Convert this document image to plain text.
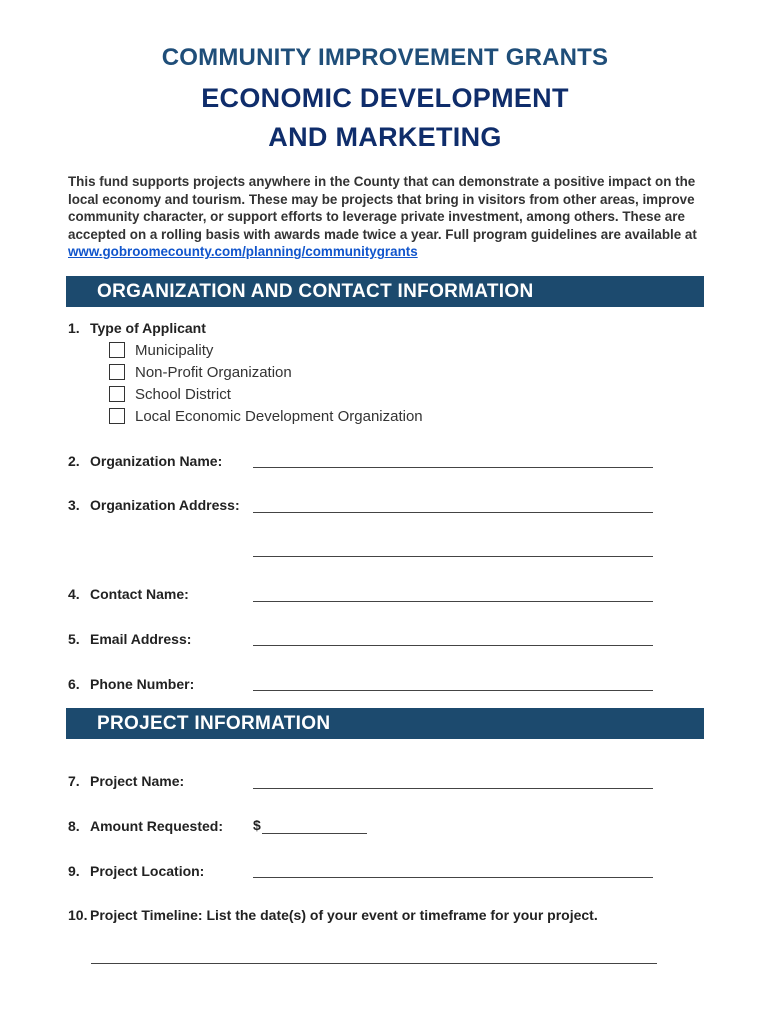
COMMUNITY IMPROVEMENT GRANTS
ECONOMIC DEVELOPMENT
AND MARKETING
This fund supports projects anywhere in the County that can demonstrate a positive impact on the local economy and tourism. These may be projects that bring in visitors from other areas, improve community character, or support efforts to leverage private investment, among others. These are accepted on a rolling basis with awards made twice a year. Full program guidelines are available at www.gobroomecounty.com/planning/communitygrants
ORGANIZATION AND CONTACT INFORMATION
1. Type of Applicant
Municipality
Non-Profit Organization
School District
Local Economic Development Organization
2. Organization Name:
3. Organization Address:
4. Contact Name:
5. Email Address:
6. Phone Number:
PROJECT INFORMATION
7. Project Name:
8. Amount Requested: $
9. Project Location:
10. Project Timeline: List the date(s) of your event or timeframe for your project.
